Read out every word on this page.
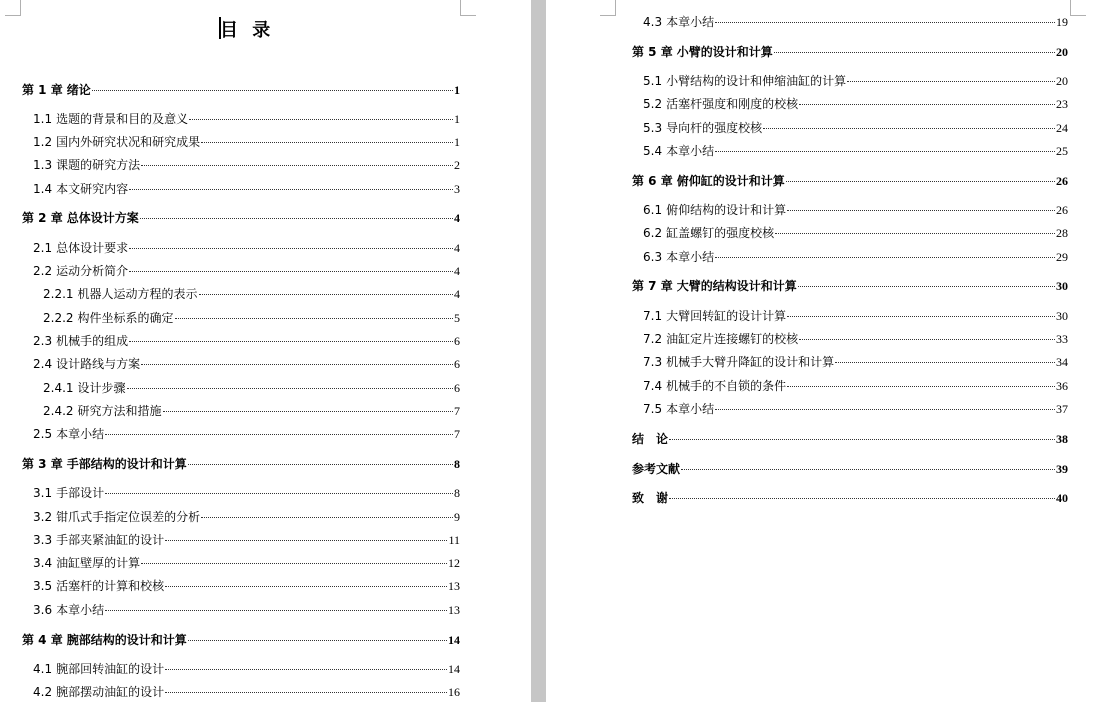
目 录
第 1 章 绪论	1
1.1 选题的背景和目的及意义	1
1.2 国内外研究状况和研究成果	1
1.3 课题的研究方法	2
1.4 本文研究内容	3
第 2 章 总体设计方案	4
2.1 总体设计要求	4
2.2 运动分析简介	4
2.2.1 机器人运动方程的表示	4
2.2.2 构件坐标系的确定	5
2.3 机械手的组成	6
2.4 设计路线与方案	6
2.4.1 设计步骤	6
2.4.2 研究方法和措施	7
2.5 本章小结	7
第 3 章 手部结构的设计和计算	8
3.1 手部设计	8
3.2 钳爪式手指定位误差的分析	9
3.3 手部夹紧油缸的设计	11
3.4 油缸壁厚的计算	12
3.5 活塞杆的计算和校核	13
3.6 本章小结	13
第 4 章 腕部结构的设计和计算	14
4.1 腕部回转油缸的设计	14
4.2 腕部摆动油缸的设计	16
4.3 本章小结	19
第 5 章 小臂的设计和计算	20
5.1 小臂结构的设计和伸缩油缸的计算	20
5.2 活塞杆强度和刚度的校核	23
5.3 导向杆的强度校核	24
5.4 本章小结	25
第 6 章 俯仰缸的设计和计算	26
6.1 俯仰结构的设计和计算	26
6.2 缸盖螺钉的强度校核	28
6.3 本章小结	29
第 7 章 大臂的结构设计和计算	30
7.1 大臂回转缸的设计计算	30
7.2 油缸定片连接螺钉的校核	33
7.3 机械手大臂升降缸的设计和计算	34
7.4 机械手的不自锁的条件	36
7.5 本章小结	37
结　论	38
参考文献	39
致　谢	40
